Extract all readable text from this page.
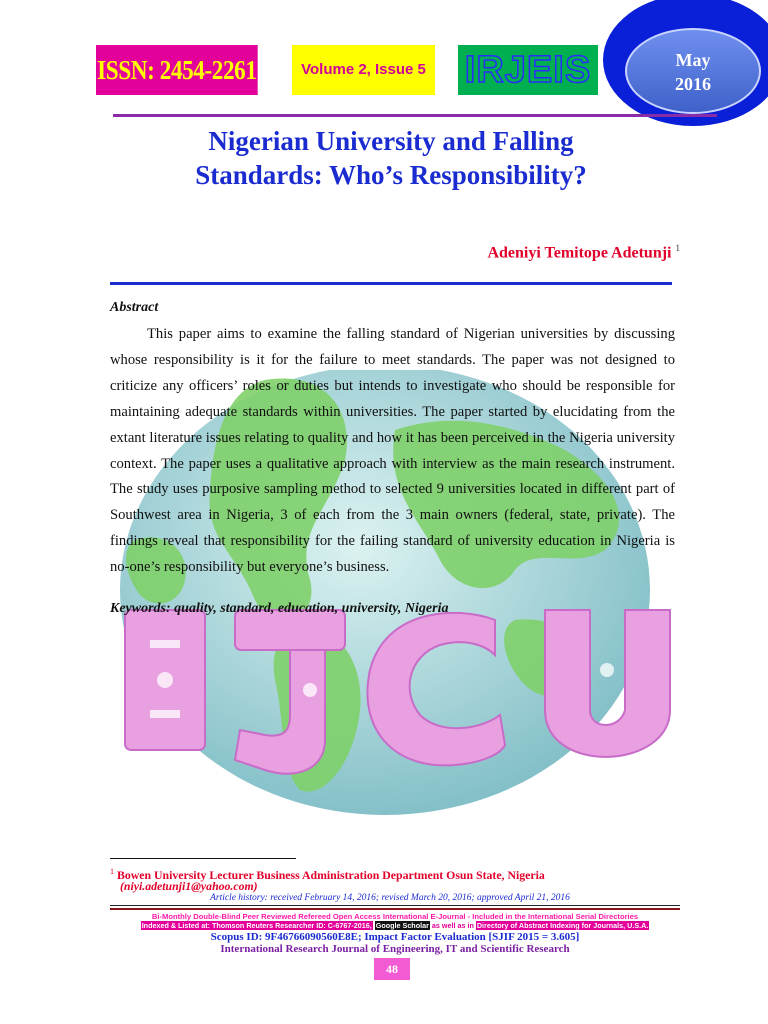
ISSN: 2454-2261	Volume 2, Issue 5 IRJEIS	May
2016
Nigerian University and Falling
Standards: Who’s Responsibility?
Adeniyi Temitope Adetunji $^1$
Abstract
This paper aims to examine the falling standard of Nigerian universities by discussing whose responsibility is it for the failure to meet standards. The paper was not designed to criticize any officers’ roles or duties but intends to investigate who should be responsible for maintaining adequate standards within universities. The paper started by elucidating from the extant literature issues relating to quality and how it has been perceived in the Nigeria university context. The paper uses a qualitative approach with interview as the main research instrument. The study uses purposive sampling method to selected 9 universities located in different part of Southwest area in Nigeria, 3 of each from the 3 main owners (federal, state, private). The findings reveal that responsibility for the failing standard of university education in Nigeria is no-one’s responsibility but everyone’s business.
Keywords: quality, standard, education, university, Nigeria
$^1$ Bowen University Lecturer Business Administration Department Osun State, Nigeria
(niyi.adetunji1@yahoo.com)
Article history: received February 14, 2016; revised March 20, 2016; approved April 21, 2016
Bi-Monthly Double-Blind Peer Reviewed Refereed Open Access International E-Journal - Included in the International Serial Directories
Indexed & Listed at: Thomson Reuters Researcher ID: C-6767-2016, Google Scholar as well as in Directory of Abstract Indexing for Journals, U.S.A.
Scopus ID: 9F46766090560E8E; Impact Factor Evaluation [SJIF 2015 = 3.605]
International Research Journal of Engineering, IT and Scientific Research
48
